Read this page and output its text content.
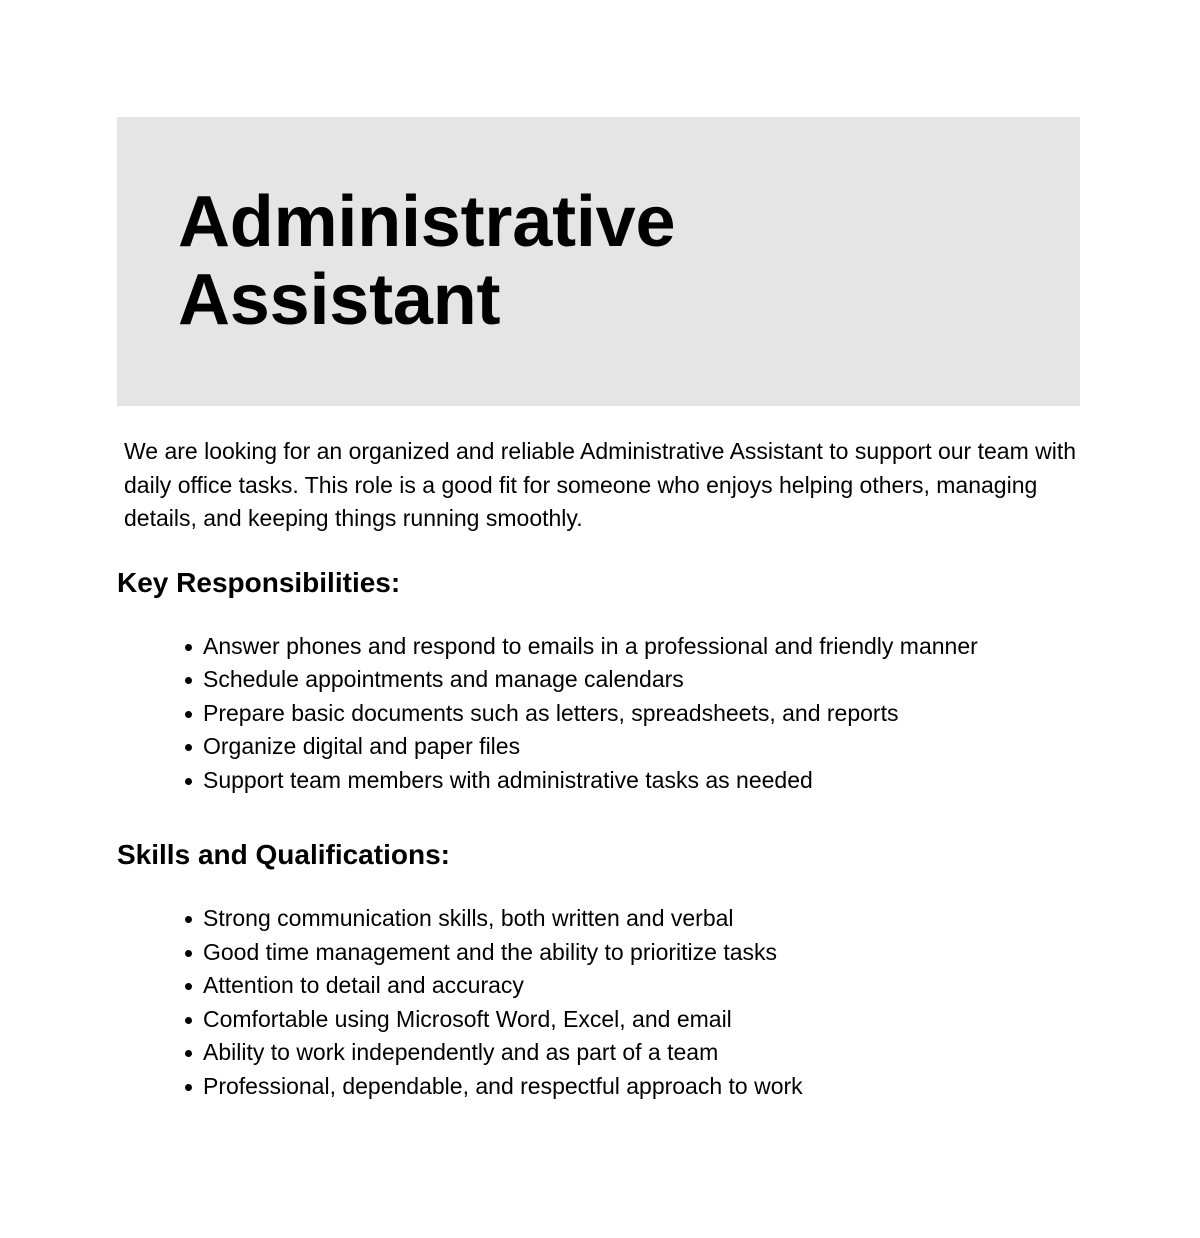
Administrative
Assistant

We are looking for an organized and reliable Administrative Assistant to support our team with daily office tasks. This role is a good fit for someone who enjoys helping others, managing details, and keeping things running smoothly.

Key Responsibilities:
Answer phones and respond to emails in a professional and friendly manner
Schedule appointments and manage calendars
Prepare basic documents such as letters, spreadsheets, and reports
Organize digital and paper files
Support team members with administrative tasks as needed
Skills and Qualifications:
Strong communication skills, both written and verbal
Good time management and the ability to prioritize tasks
Attention to detail and accuracy
Comfortable using Microsoft Word, Excel, and email
Ability to work independently and as part of a team
Professional, dependable, and respectful approach to work
